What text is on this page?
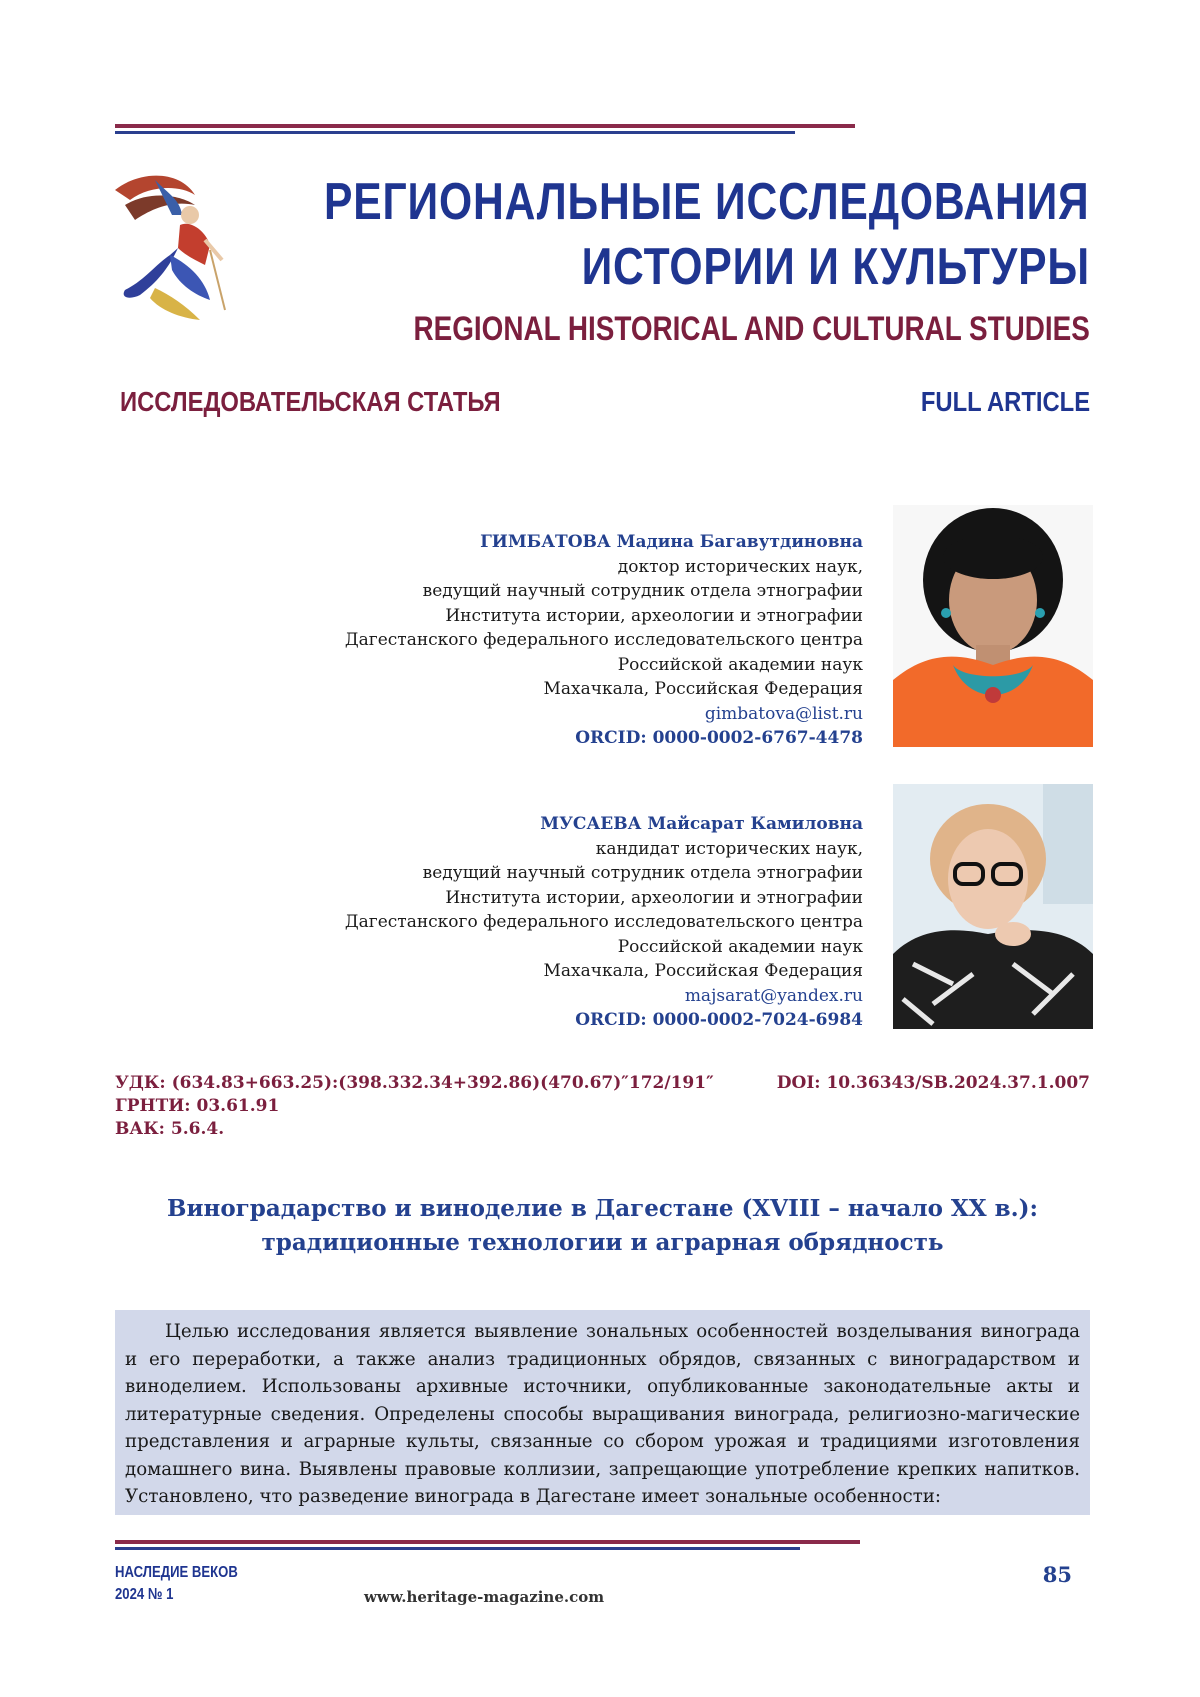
РЕГИОНАЛЬНЫЕ ИССЛЕДОВАНИЯ
ИСТОРИИ И КУЛЬТУРЫ
REGIONAL HISTORICAL AND CULTURAL STUDIES
ИССЛЕДОВАТЕЛЬСКАЯ СТАТЬЯ	FULL ARTICLE
ГИМБАТОВА Мадина Багавутдиновна
доктор исторических наук,
ведущий научный сотрудник отдела этнографии
Института истории, археологии и этнографии
Дагестанского федерального исследовательского центра
Российской академии наук
Махачкала, Российская Федерация
gimbatova@list.ru
ORCID: 0000-0002-6767-4478
МУСАЕВА Майсарат Камиловна
кандидат исторических наук,
ведущий научный сотрудник отдела этнографии
Института истории, археологии и этнографии
Дагестанского федерального исследовательского центра
Российской академии наук
Махачкала, Российская Федерация
majsarat@yandex.ru
ORCID: 0000-0002-7024-6984
УДК: (634.83+663.25):(398.332.34+392.86)(470.67)″172/191″
ГРНТИ: 03.61.91
ВАК: 5.6.4.
DOI: 10.36343/SB.2024.37.1.007
Виноградарство и виноделие в Дагестане (XVIII – начало XX в.):
традиционные технологии и аграрная обрядность

Целью исследования является выявление зональных особенностей возделывания винограда и его переработки, а также анализ традиционных обрядов, связанных с виноградарством и виноделием. Использованы архивные источники, опубликованные законодательные акты и литературные сведения. Определены способы выращивания винограда, религиозно-магические представления и аграрные культы, связанные со сбором урожая и традициями изготовления домашнего вина. Выявлены правовые коллизии, запрещающие употребление крепких напитков. Установлено, что разведение винограда в Дагестане имеет зональные особенности:

НАСЛЕДИЕ ВЕКОВ
2024 № 1	www.heritage-magazine.com
85
